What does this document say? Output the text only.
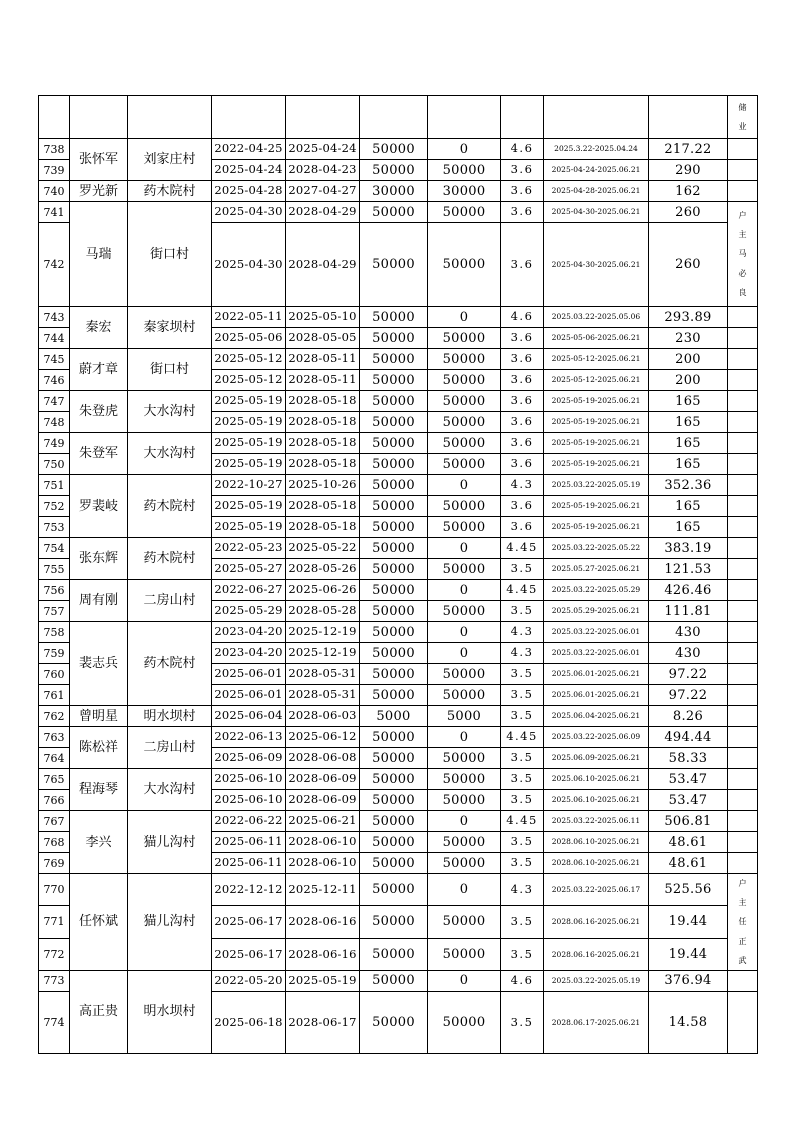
										储
业

738	张怀军	刘家庄村	2022-04-25	2025-04-24	50000	0	4.6	2025.3.22-2025.04.24	217.22	
739			2025-04-24	2028-04-23	50000	50000	3.6	2025-04-24-2025.06.21	290	
740	罗光新	药木院村	2025-04-28	2027-04-27	30000	30000	3.6	2025-04-28-2025.06.21	162	
741	马瑞	街口村	2025-04-30	2028-04-29	50000	50000	3.6	2025-04-30-2025.06.21	260	户
主
马
必
良

742			2025-04-30	2028-04-29	50000	50000	3.6	2025-04-30-2025.06.21	260	
743	秦宏	秦家坝村	2022-05-11	2025-05-10	50000	0	4.6	2025.03.22-2025.05.06	293.89	
744			2025-05-06	2028-05-05	50000	50000	3.6	2025-05-06-2025.06.21	230	
745	蔚才章	街口村	2025-05-12	2028-05-11	50000	50000	3.6	2025-05-12-2025.06.21	200	
746			2025-05-12	2028-05-11	50000	50000	3.6	2025-05-12-2025.06.21	200	
747	朱登虎	大水沟村	2025-05-19	2028-05-18	50000	50000	3.6	2025-05-19-2025.06.21	165	
748			2025-05-19	2028-05-18	50000	50000	3.6	2025-05-19-2025.06.21	165	
749	朱登军	大水沟村	2025-05-19	2028-05-18	50000	50000	3.6	2025-05-19-2025.06.21	165	
750			2025-05-19	2028-05-18	50000	50000	3.6	2025-05-19-2025.06.21	165	
751	罗裴岐	药木院村	2022-10-27	2025-10-26	50000	0	4.3	2025.03.22-2025.05.19	352.36	
752			2025-05-19	2028-05-18	50000	50000	3.6	2025-05-19-2025.06.21	165	
753			2025-05-19	2028-05-18	50000	50000	3.6	2025-05-19-2025.06.21	165	
754	张东辉	药木院村	2022-05-23	2025-05-22	50000	0	4.45	2025.03.22-2025.05.22	383.19	
755			2025-05-27	2028-05-26	50000	50000	3.5	2025.05.27-2025.06.21	121.53	
756	周有刚	二房山村	2022-06-27	2025-06-26	50000	0	4.45	2025.03.22-2025.05.29	426.46	
757			2025-05-29	2028-05-28	50000	50000	3.5	2025.05.29-2025.06.21	111.81	
758	裴志兵	药木院村	2023-04-20	2025-12-19	50000	0	4.3	2025.03.22-2025.06.01	430	
759			2023-04-20	2025-12-19	50000	0	4.3	2025.03.22-2025.06.01	430	
760			2025-06-01	2028-05-31	50000	50000	3.5	2025.06.01-2025.06.21	97.22	
761			2025-06-01	2028-05-31	50000	50000	3.5	2025.06.01-2025.06.21	97.22	
762	曾明星	明水坝村	2025-06-04	2028-06-03	5000	5000	3.5	2025.06.04-2025.06.21	8.26	
763	陈松祥	二房山村	2022-06-13	2025-06-12	50000	0	4.45	2025.03.22-2025.06.09	494.44	
764			2025-06-09	2028-06-08	50000	50000	3.5	2025.06.09-2025.06.21	58.33	
765	程海琴	大水沟村	2025-06-10	2028-06-09	50000	50000	3.5	2025.06.10-2025.06.21	53.47	
766			2025-06-10	2028-06-09	50000	50000	3.5	2025.06.10-2025.06.21	53.47	
767	李兴	猫儿沟村	2022-06-22	2025-06-21	50000	0	4.45	2025.03.22-2025.06.11	506.81	
768			2025-06-11	2028-06-10	50000	50000	3.5	2028.06.10-2025.06.21	48.61	
769			2025-06-11	2028-06-10	50000	50000	3.5	2028.06.10-2025.06.21	48.61	
770	任怀斌	猫儿沟村	2022-12-12	2025-12-11	50000	0	4.3	2025.03.22-2025.06.17	525.56	户
主
任
正
武

771			2025-06-17	2028-06-16	50000	50000	3.5	2028.06.16-2025.06.21	19.44	
772			2025-06-17	2028-06-16	50000	50000	3.5	2028.06.16-2025.06.21	19.44	
773	高正贵	明水坝村	2022-05-20	2025-05-19	50000	0	4.6	2025.03.22-2025.05.19	376.94	
774			2025-06-18	2028-06-17	50000	50000	3.5	2028.06.17-2025.06.21	14.58	
